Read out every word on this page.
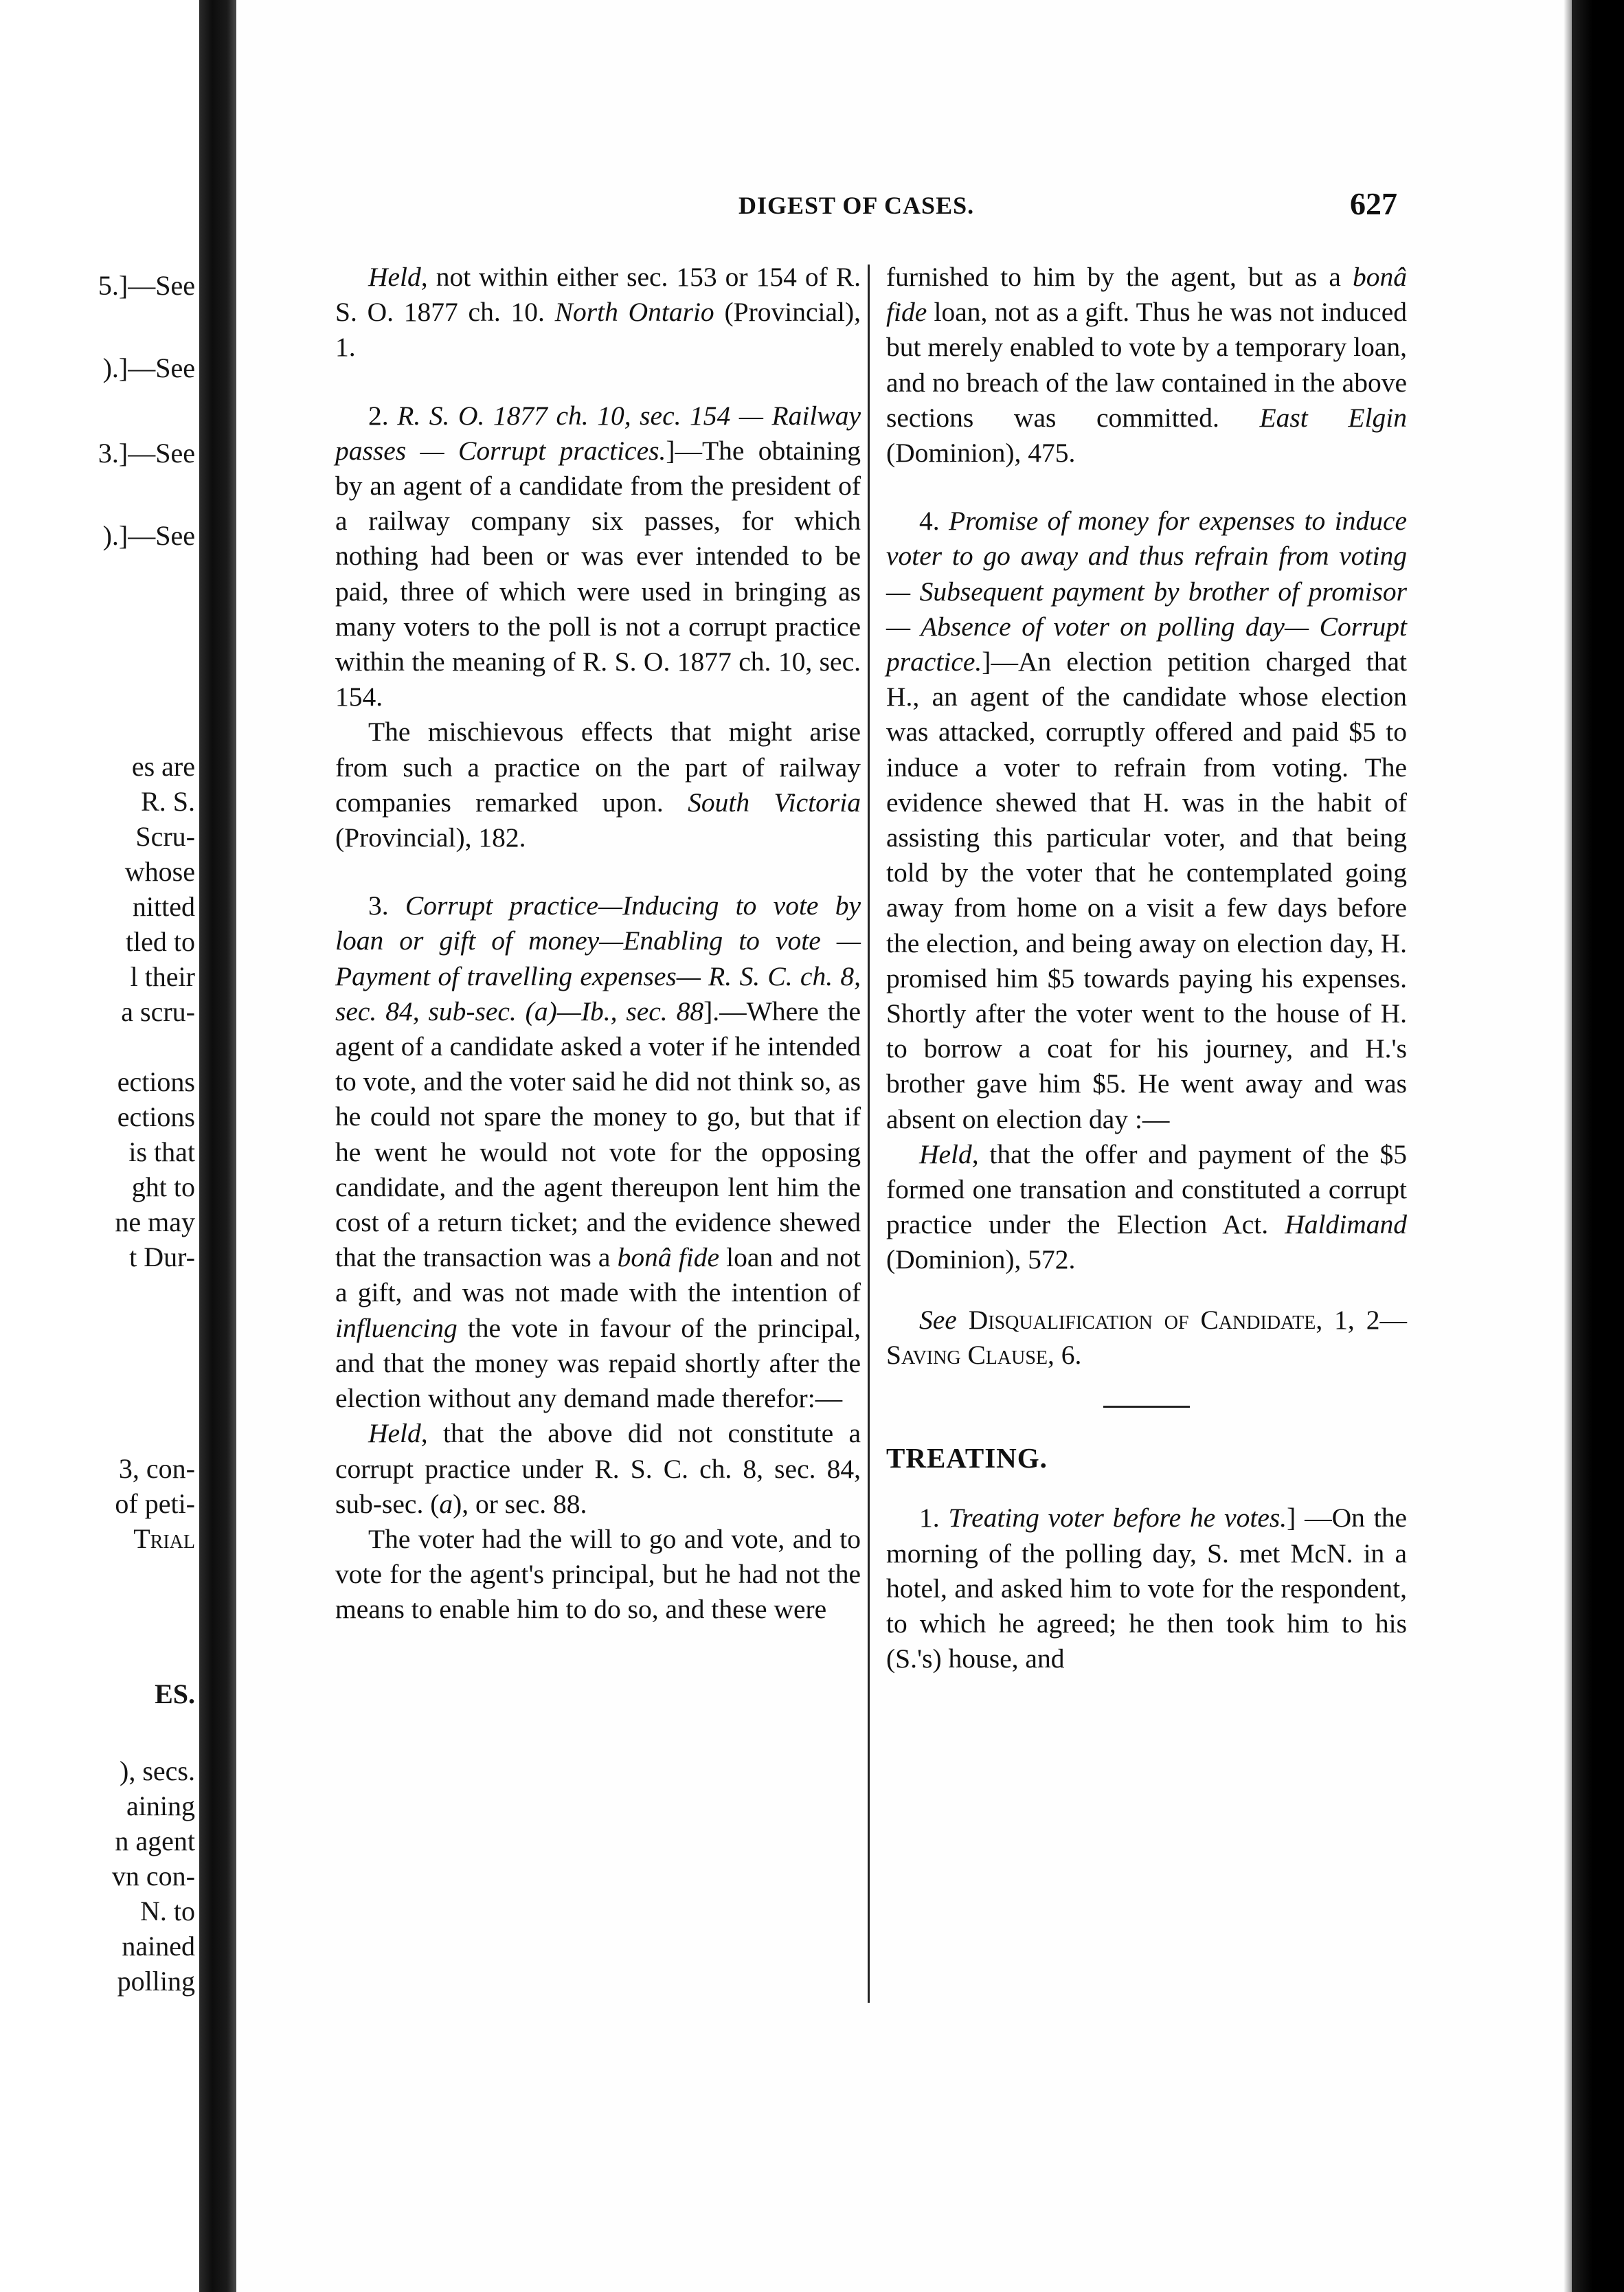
5.]—See
).]—See
3.]—See
).]—See
es are
R. S.
Scru-
whose
nitted
tled to
l their
a scru-
ections
ections
is that
ght to
ne may
t Dur-
3, con-
of peti-
Trial
ES.
), secs.
aining
n agent
vn con-
N. to
nained
polling
DIGEST OF CASES.	627

Held, not within either sec. 153 or 154 of R. S. O. 1877 ch. 10. North Ontario (Provincial), 1.

2. R. S. O. 1877 ch. 10, sec. 154 — Railway passes — Corrupt practices.]—The obtaining by an agent of a candidate from the president of a railway company six passes, for which nothing had been or was ever intended to be paid, three of which were used in bringing as many voters to the poll is not a corrupt practice within the meaning of R. S. O. 1877 ch. 10, sec. 154.

The mischievous effects that might arise from such a practice on the part of railway companies remarked upon. South Victoria (Provincial), 182.

3. Corrupt practice—Inducing to vote by loan or gift of money—Enabling to vote —Payment of travelling expenses— R. S. C. ch. 8, sec. 84, sub-sec. (a)—Ib., sec. 88].—Where the agent of a candidate asked a voter if he intended to vote, and the voter said he did not think so, as he could not spare the money to go, but that if he went he would not vote for the opposing candidate, and the agent thereupon lent him the cost of a return ticket; and the evidence shewed that the transaction was a bonâ fide loan and not a gift, and was not made with the intention of influencing the vote in favour of the principal, and that the money was repaid shortly after the election without any demand made therefor:—

Held, that the above did not constitute a corrupt practice under R. S. C. ch. 8, sec. 84, sub-sec. (a), or sec. 88.

The voter had the will to go and vote, and to vote for the agent's principal, but he had not the means to enable him to do so, and these were

furnished to him by the agent, but as a bonâ fide loan, not as a gift. Thus he was not induced but merely enabled to vote by a temporary loan, and no breach of the law contained in the above sections was committed. East Elgin (Dominion), 475.

4. Promise of money for expenses to induce voter to go away and thus refrain from voting — Subsequent payment by brother of promisor— Absence of voter on polling day— Corrupt practice.]—An election petition charged that H., an agent of the candidate whose election was attacked, corruptly offered and paid $5 to induce a voter to refrain from voting. The evidence shewed that H. was in the habit of assisting this particular voter, and that being told by the voter that he contemplated going away from home on a visit a few days before the election, and being away on election day, H. promised him $5 towards paying his expenses. Shortly after the voter went to the house of H. to borrow a coat for his journey, and H.'s brother gave him $5. He went away and was absent on election day :—

Held, that the offer and payment of the $5 formed one transation and constituted a corrupt practice under the Election Act. Haldimand (Dominion), 572.

See Disqualification of Candidate, 1, 2—Saving Clause, 6.

TREATING.

1. Treating voter before he votes.] —On the morning of the polling day, S. met McN. in a hotel, and asked him to vote for the respondent, to which he agreed; he then took him to his (S.'s) house, and
